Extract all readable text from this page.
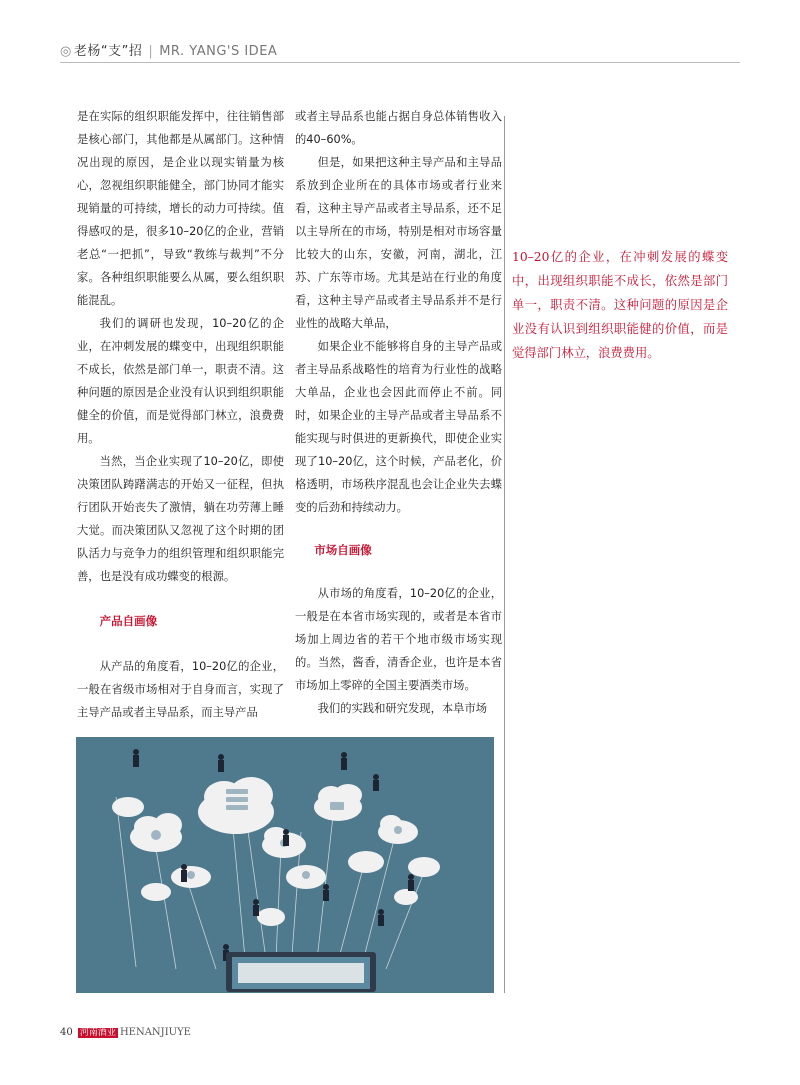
◎ 老杨“支”招 | MR. YANG'S IDEA

是在实际的组织职能发挥中，往往销售部是核心部门，其他都是从属部门。这种情况出现的原因，是企业以现实销量为核心，忽视组织职能健全，部门协同才能实现销量的可持续，增长的动力可持续。值得感叹的是，很多10–20亿的企业，营销老总“一把抓”，导致“教练与裁判”不分家。各种组织职能要么从属，要么组织职能混乱。

我们的调研也发现，10–20亿的企业，在冲刺发展的蝶变中，出现组织职能不成长，依然是部门单一，职责不清。这种问题的原因是企业没有认识到组织职能健全的价值，而是觉得部门林立，浪费费用。

当然，当企业实现了10–20亿，即使决策团队踌躇满志的开始又一征程，但执行团队开始丧失了激情，躺在功劳薄上睡大觉。而决策团队又忽视了这个时期的团队活力与竞争力的组织管理和组织职能完善，也是没有成功蝶变的根源。

产品自画像

从产品的角度看，10–20亿的企业，一般在省级市场相对于自身而言，实现了主导产品或者主导品系，而主导产品

或者主导品系也能占据自身总体销售收入的40–60%。

但是，如果把这种主导产品和主导品系放到企业所在的具体市场或者行业来看，这种主导产品或者主导品系，还不足以主导所在的市场，特别是相对市场容量比较大的山东，安徽，河南，湖北，江苏、广东等市场。尤其是站在行业的角度看，这种主导产品或者主导品系并不是行业性的战略大单品，

如果企业不能够将自身的主导产品或者主导品系战略性的培育为行业性的战略大单品，企业也会因此而停止不前。同时，如果企业的主导产品或者主导品系不能实现与时俱进的更新换代，即使企业实现了10–20亿，这个时候，产品老化，价格透明，市场秩序混乱也会让企业失去蝶变的后劲和持续动力。

市场自画像

从市场的角度看，10–20亿的企业，一般是在本省市场实现的，或者是本省市场加上周边省的若干个地市级市场实现的。当然，酱香，清香企业，也许是本省市场加上零碎的全国主要酒类市场。

我们的实践和研究发现，本阜市场

10–20亿的企业，在冲刺发展的蝶变中，出现组织职能不成长，依然是部门单一，职责不清。这种问题的原因是企业没有认识到组织职能健的价值，而是觉得部门林立，浪费费用。
40 河南酒业 HENANJIUYE
